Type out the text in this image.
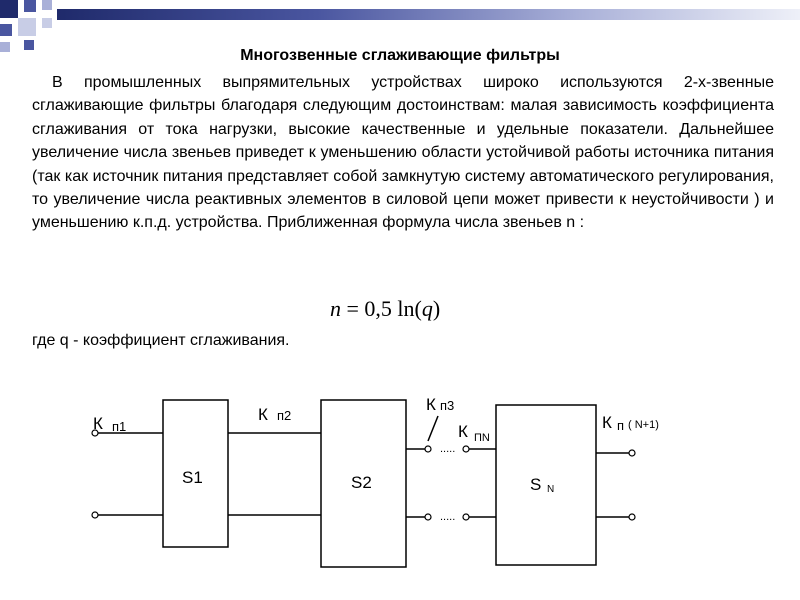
Многозвенные сглаживающие фильтры
В промышленных выпрямительных устройствах широко используются 2-х-звенные сглаживающие фильтры благодаря следующим достоинствам: малая зависимость коэффициента сглаживания от тока нагрузки, высокие качественные и удельные показатели. Дальнейшее увеличение числа звеньев приведет к уменьшению области устойчивой работы источника питания (так как источник питания представляет собой замкнутую систему автоматического регулирования, то увеличение числа реактивных элементов в силовой цепи может привести к неустойчивости ) и уменьшению к.п.д. устройства. Приближенная формула числа звеньев n :
n = 0,5 ln(q)
где q - коэффициент сглаживания.
S1	S2	S N
К п1
К п2
К п3
К ПN
К п ( N+1)
.....
.....
